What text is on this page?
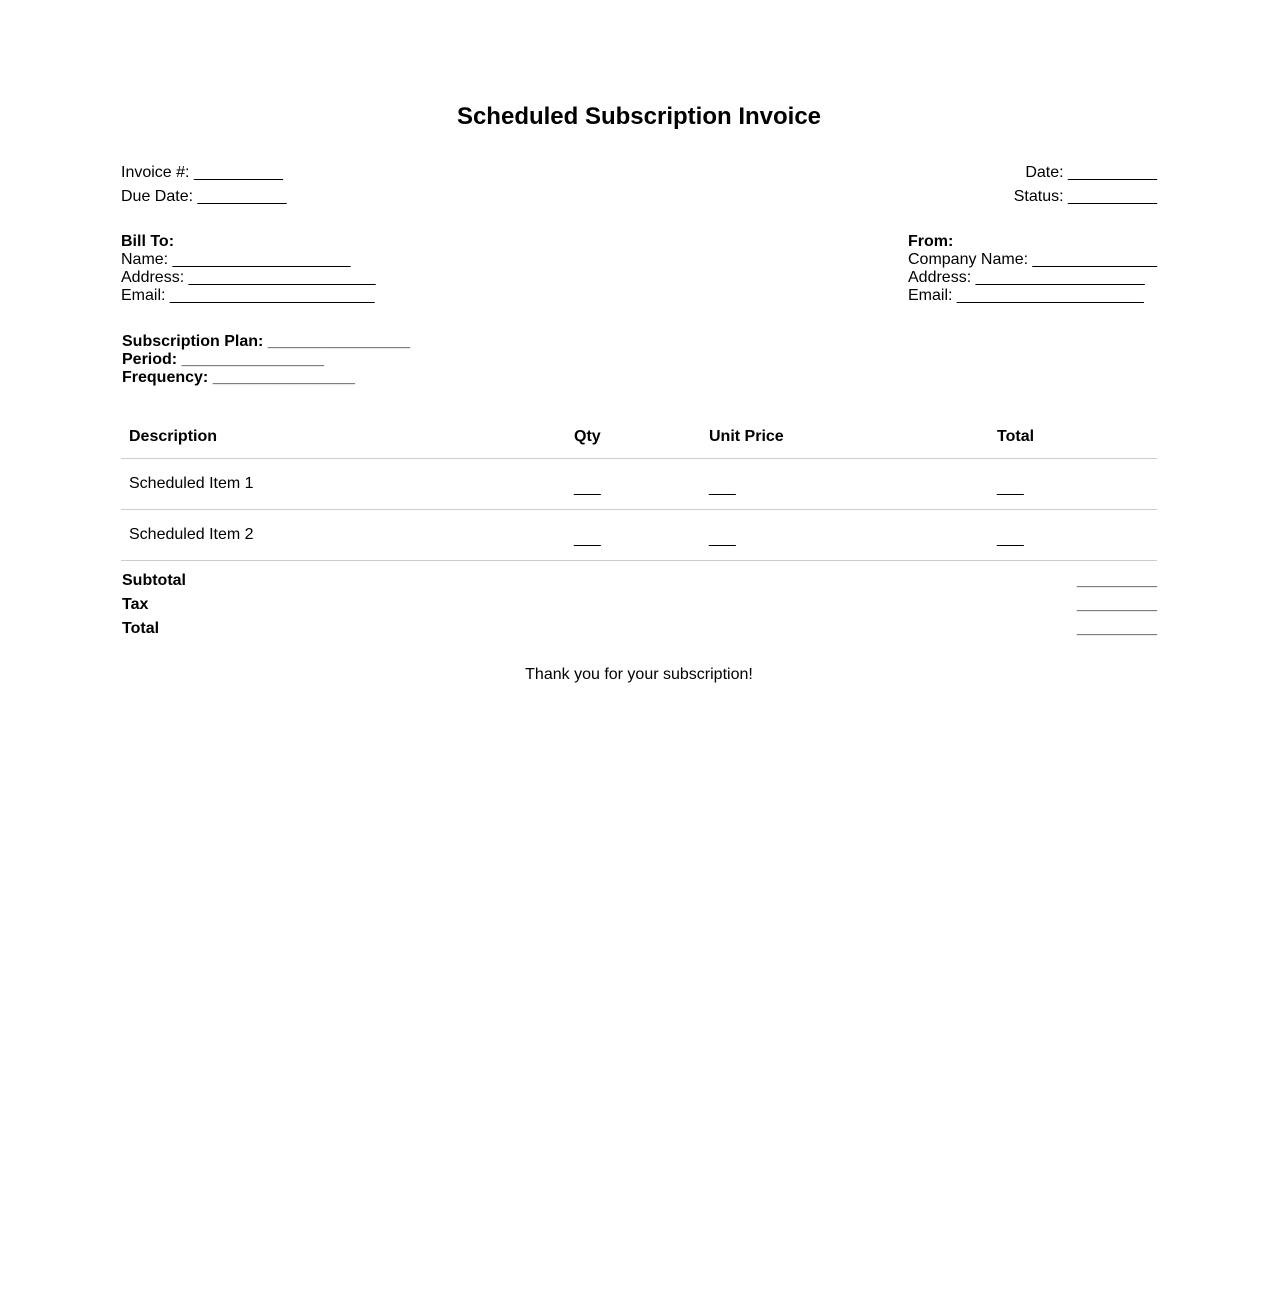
Scheduled Subscription Invoice
Invoice #: __________
Due Date: __________
Date: __________
Status: __________
Bill To:
Name: ____________________
Address: _____________________
Email: _______________________
From:
Company Name: ______________
Address: ___________________
Email: _____________________
Subscription Plan: ________________
Period: ________________
Frequency: ________________
Description	Qty	Unit Price	Total
Scheduled Item 1	___	___	___
Scheduled Item 2	___	___	___
Subtotal	_________
Tax	_________
Total	_________
Thank you for your subscription!
